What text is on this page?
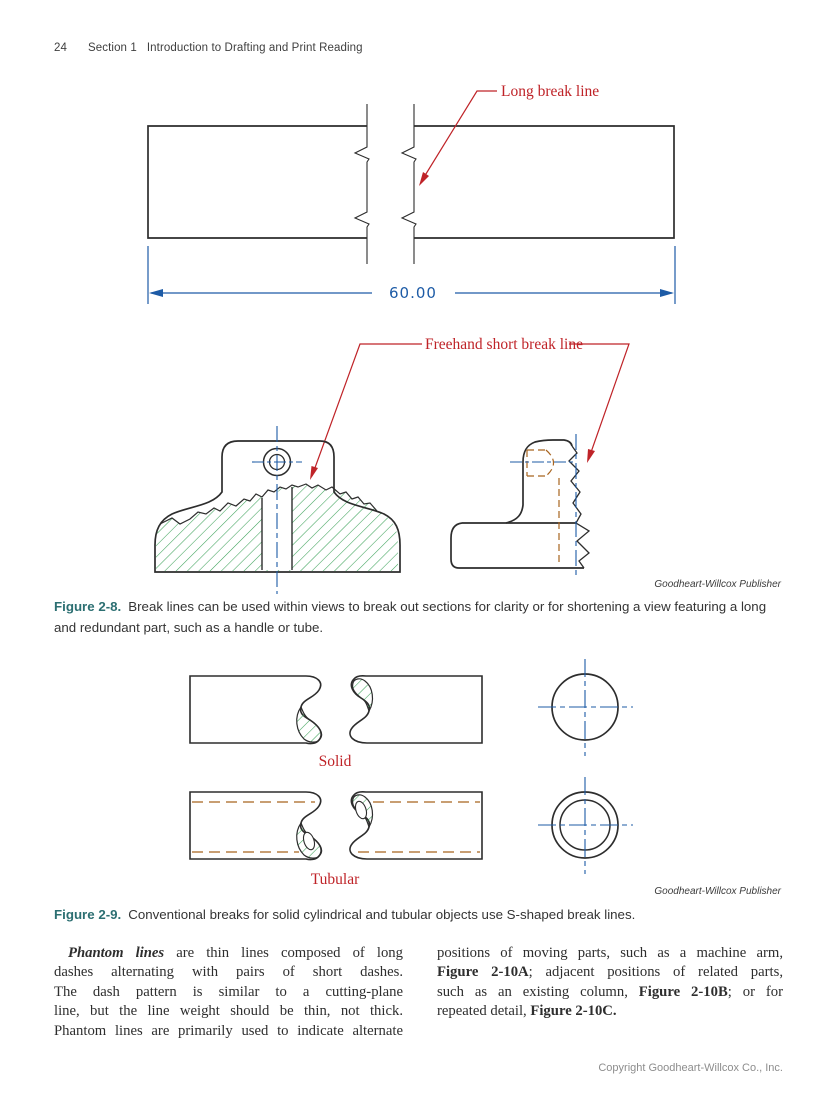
24 Section 1 Introduction to Drafting and Print Reading
60.00
Long break line
Freehand short break line
Goodheart-Willcox Publisher
Figure 2-8. Break lines can be used within views to break out sections for clarity or for shortening a view featuring a long and redundant part, such as a handle or tube.
Solid
Tubular
Goodheart-Willcox Publisher
Figure 2-9. Conventional breaks for solid cylindrical and tubular objects use S-shaped break lines.
Phantom lines are thin lines composed of long
dashes alternating with pairs of short dashes.
The dash pattern is similar to a cutting-plane
line, but the line weight should be thin, not thick.
Phantom lines are primarily used to indicate alternate
positions of moving parts, such as a machine arm,
Figure 2-10A; adjacent positions of related parts,
such as an existing column, Figure 2-10B; or for
repeated detail, Figure 2-10C.
Copyright Goodheart-Willcox Co., Inc.
